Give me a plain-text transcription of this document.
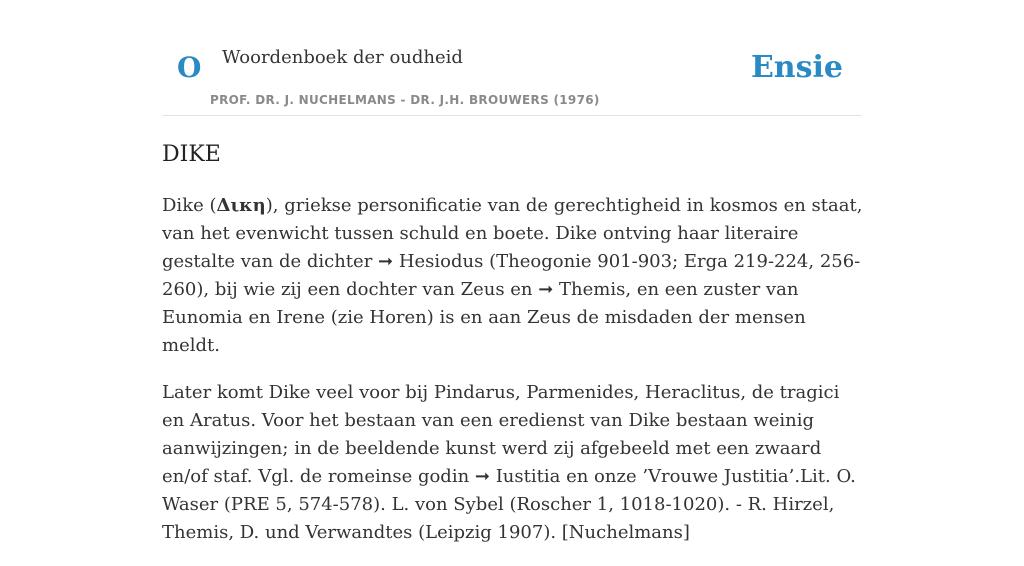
O Woordenboek der oudheid
PROF. DR. J. NUCHELMANS - DR. J.H. BROUWERS (1976)
Ensie
DIKE

Dike (Δικη), griekse personificatie van de gerechtigheid in kosmos en staat, van het evenwicht tussen schuld en boete. Dike ontving haar literaire gestalte van de dichter ➞ Hesiodus (Theogonie 901-903; Erga 219-224, 256-260), bij wie zij een dochter van Zeus en ➞ Themis, en een zuster van Eunomia en Irene (zie Horen) is en aan Zeus de misdaden der mensen meldt.

Later komt Dike veel voor bij Pindarus, Parmenides, Heraclitus, de tragici en Aratus. Voor het bestaan van een eredienst van Dike bestaan weinig aanwijzingen; in de beeldende kunst werd zij afgebeeld met een zwaard en/of staf. Vgl. de romeinse godin ➞ Iustitia en onze ’Vrouwe Justitia’.Lit. O. Waser (PRE 5, 574-578). L. von Sybel (Roscher 1, 1018-1020). - R. Hirzel, Themis, D. und Verwandtes (Leipzig 1907). [Nuchelmans]
